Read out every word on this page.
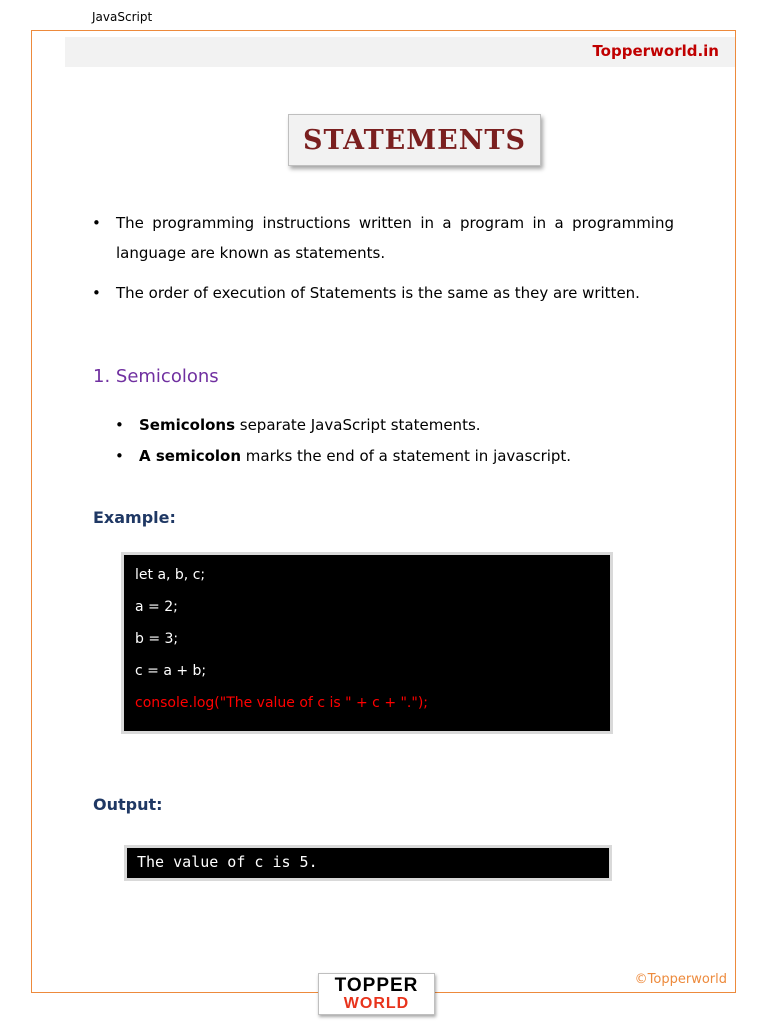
JavaScript
Topperworld.in
STATEMENTS
• The programming instructions written in a program in a programming language are known as statements.
• The order of execution of Statements is the same as they are written.
1. Semicolons
• Semicolons separate JavaScript statements.
• A semicolon marks the end of a statement in javascript.
Example:
let a, b, c;
a = 2;
b = 3;
c = a + b;
console.log("The value of c is " + c + ".");
Output:
The value of c is 5.
©Topperworld
TOPPER
WORLD
